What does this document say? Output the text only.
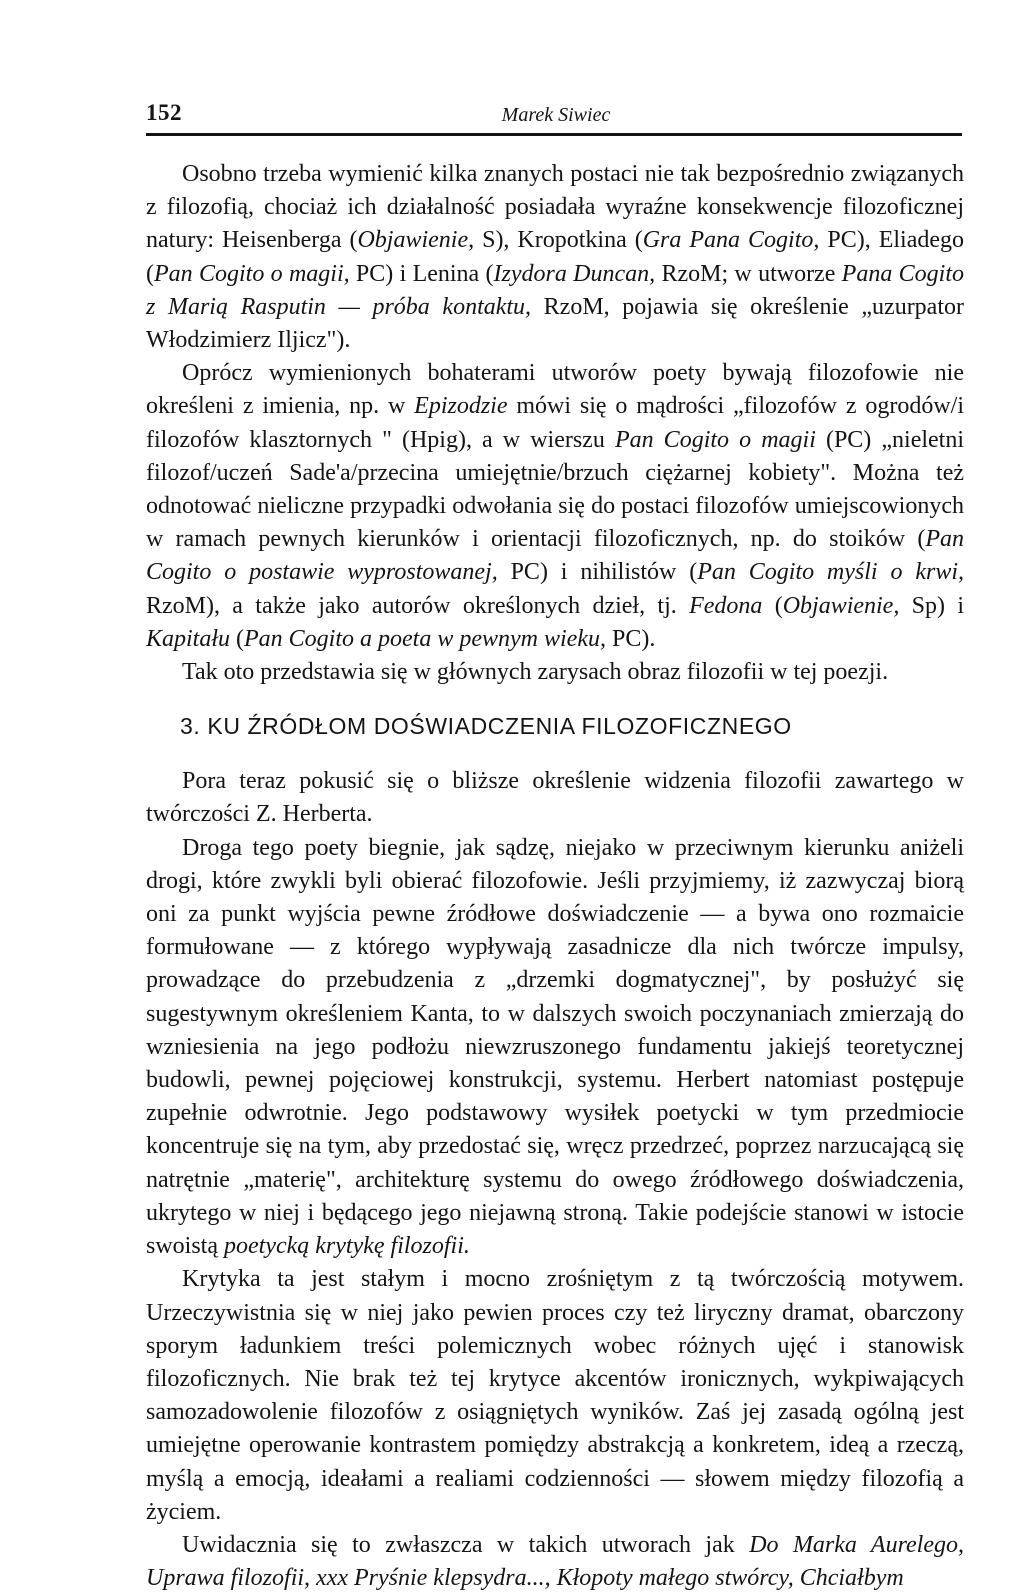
152	Marek Siwiec

Osobno trzeba wymienić kilka znanych postaci nie tak bezpośrednio związanych z filozofią, chociaż ich działalność posiadała wyraźne konsekwencje filozoficznej natury: Heisenberga (Objawienie, S), Kropotkina (Gra Pana Cogito, PC), Eliadego (Pan Cogito o magii, PC) i Lenina (Izydora Duncan, RzoM; w utworze Pana Cogito z Marią Rasputin — próba kontaktu, RzoM, pojawia się określenie „uzurpator Włodzimierz Iljicz").

Oprócz wymienionych bohaterami utworów poety bywają filozofowie nie określeni z imienia, np. w Epizodzie mówi się o mądrości „filozofów z ogrodów/i filozofów klasztornych " (Hpig), a w wierszu Pan Cogito o magii (PC) „nieletni filozof/uczeń Sade'a/przecina umiejętnie/brzuch ciężarnej kobiety". Można też odnotować nieliczne przypadki odwołania się do postaci filozofów umiejscowionych w ramach pewnych kierunków i orientacji filozoficznych, np. do stoików (Pan Cogito o postawie wyprostowanej, PC) i nihilistów (Pan Cogito myśli o krwi, RzoM), a także jako autorów określonych dzieł, tj. Fedona (Objawienie, Sp) i Kapitału (Pan Cogito a poeta w pewnym wieku, PC).

Tak oto przedstawia się w głównych zarysach obraz filozofii w tej poezji.

3. KU ŹRÓDŁOM DOŚWIADCZENIA FILOZOFICZNEGO

Pora teraz pokusić się o bliższe określenie widzenia filozofii zawartego w twórczości Z. Herberta.

Droga tego poety biegnie, jak sądzę, niejako w przeciwnym kierunku aniżeli drogi, które zwykli byli obierać filozofowie. Jeśli przyjmiemy, iż zazwyczaj biorą oni za punkt wyjścia pewne źródłowe doświadczenie — a bywa ono rozmaicie formułowane — z którego wypływają zasadnicze dla nich twórcze impulsy, prowadzące do przebudzenia z „drzemki dogmatycznej", by posłużyć się sugestywnym określeniem Kanta, to w dalszych swoich poczynaniach zmierzają do wzniesienia na jego podłożu niewzruszonego fundamentu jakiejś teoretycznej budowli, pewnej pojęciowej konstrukcji, systemu. Herbert natomiast postępuje zupełnie odwrotnie. Jego podstawowy wysiłek poetycki w tym przedmiocie koncentruje się na tym, aby przedostać się, wręcz przedrzeć, poprzez narzucającą się natrętnie „materię", architekturę systemu do owego źródłowego doświadczenia, ukrytego w niej i będącego jego niejawną stroną. Takie podejście stanowi w istocie swoistą poetycką krytykę filozofii.

Krytyka ta jest stałym i mocno zrośniętym z tą twórczością motywem. Urzeczywistnia się w niej jako pewien proces czy też liryczny dramat, obarczony sporym ładunkiem treści polemicznych wobec różnych ujęć i stanowisk filozoficznych. Nie brak też tej krytyce akcentów ironicznych, wykpiwających samozadowolenie filozofów z osiągniętych wyników. Zaś jej zasadą ogólną jest umiejętne operowanie kontrastem pomiędzy abstrakcją a konkretem, ideą a rzeczą, myślą a emocją, ideałami a realiami codzienności — słowem między filozofią a życiem.

Uwidacznia się to zwłaszcza w takich utworach jak Do Marka Aurelego, Uprawa filozofii, xxx Pryśnie klepsydra..., Kłopoty małego stwórcy, Chciałbym
